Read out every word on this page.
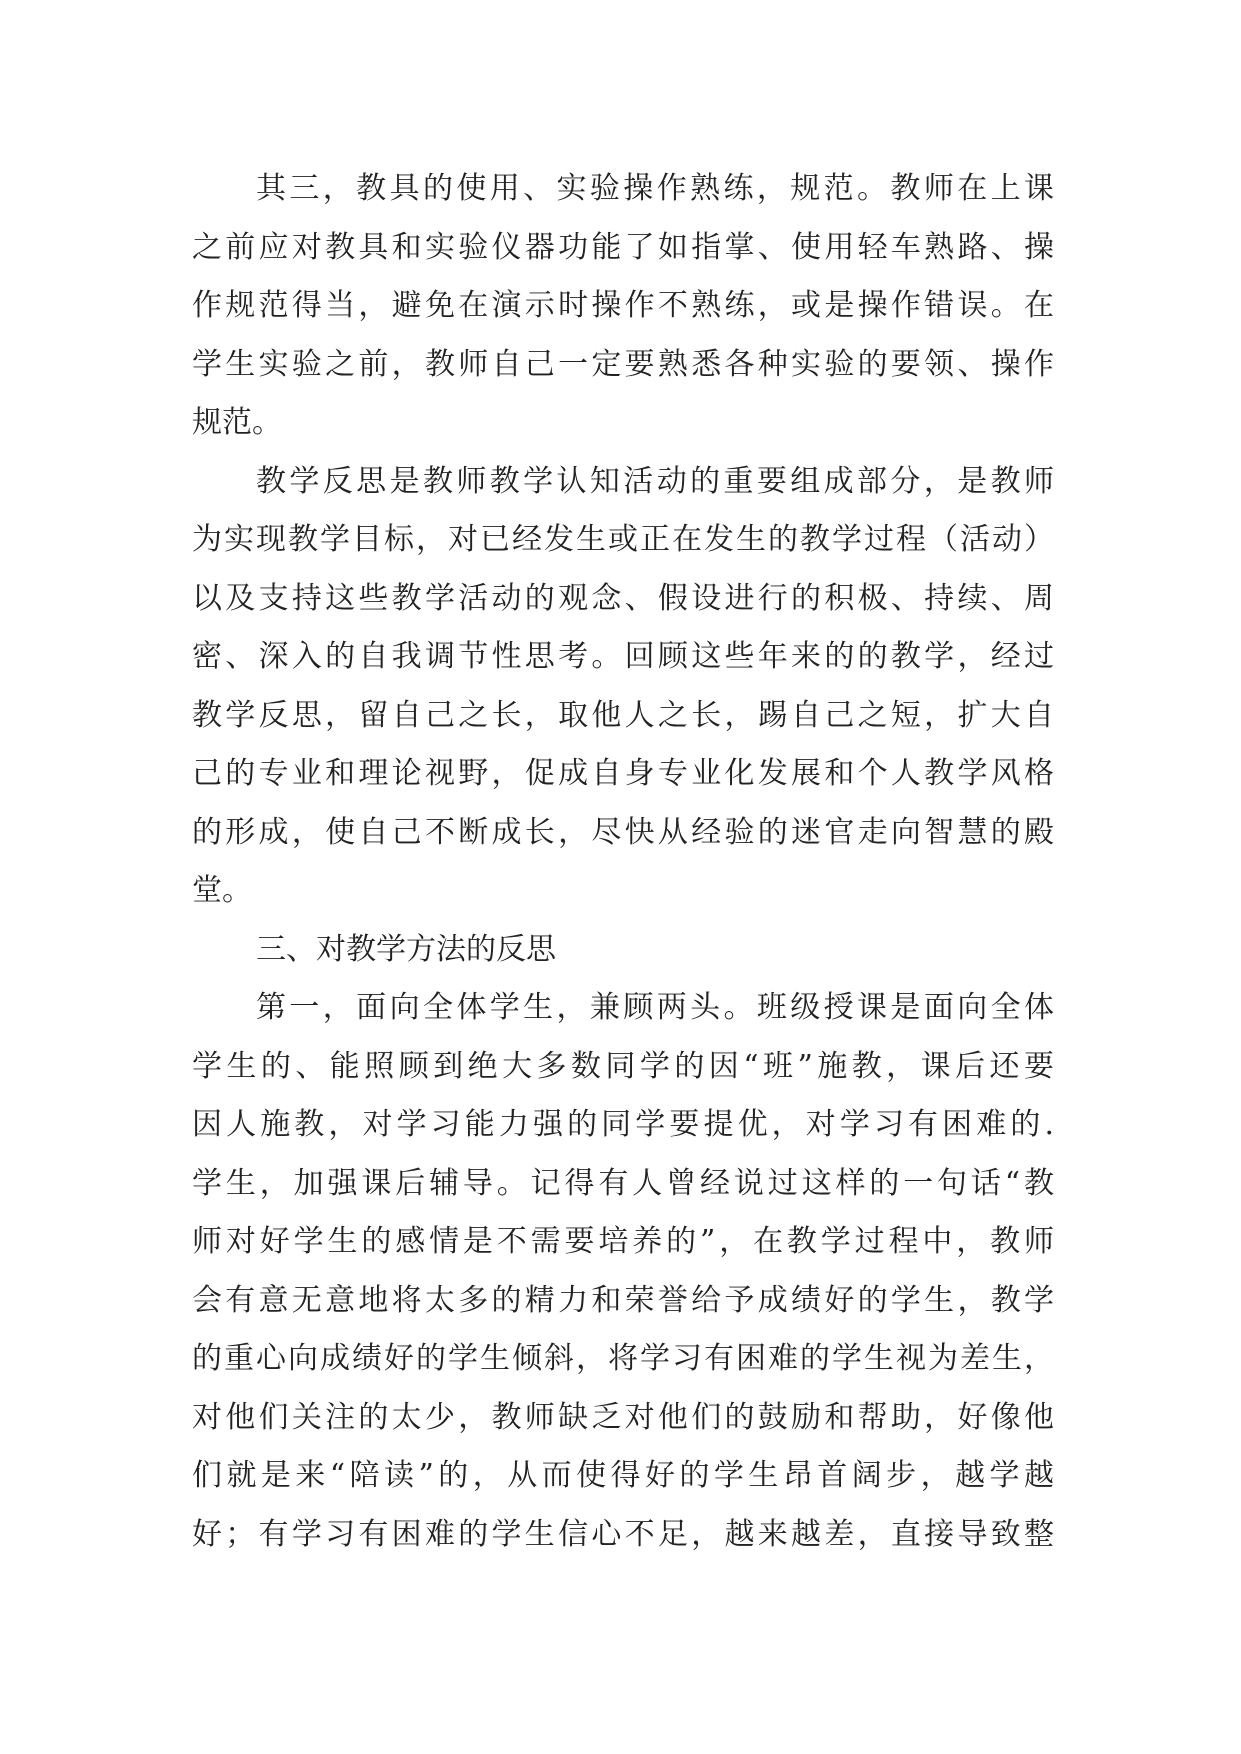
其三，教具的使用、实验操作熟练，规范。教师在上课
之前应对教具和实验仪器功能了如指掌、使用轻车熟路、操
作规范得当，避免在演示时操作不熟练，或是操作错误。在
学生实验之前，教师自己一定要熟悉各种实验的要领、操作
规范。
教学反思是教师教学认知活动的重要组成部分，是教师
为实现教学目标，对已经发生或正在发生的教学过程（活动）
以及支持这些教学活动的观念、假设进行的积极、持续、周
密、深入的自我调节性思考。回顾这些年来的的教学，经过
教学反思，留自己之长，取他人之长，踢自己之短，扩大自
己的专业和理论视野，促成自身专业化发展和个人教学风格
的形成，使自己不断成长，尽快从经验的迷官走向智慧的殿
堂。
三、对教学方法的反思
第一，面向全体学生，兼顾两头。班级授课是面向全体
学生的、能照顾到绝大多数同学的因“班”施教，课后还要
因人施教，对学习能力强的同学要提优，对学习有困难的.
学生，加强课后辅导。记得有人曾经说过这样的一句话“教
师对好学生的感情是不需要培养的”，在教学过程中，教师
会有意无意地将太多的精力和荣誉给予成绩好的学生，教学
的重心向成绩好的学生倾斜，将学习有困难的学生视为差生，
对他们关注的太少，教师缺乏对他们的鼓励和帮助，好像他
们就是来“陪读”的，从而使得好的学生昂首阔步，越学越
好；有学习有困难的学生信心不足，越来越差，直接导致整
